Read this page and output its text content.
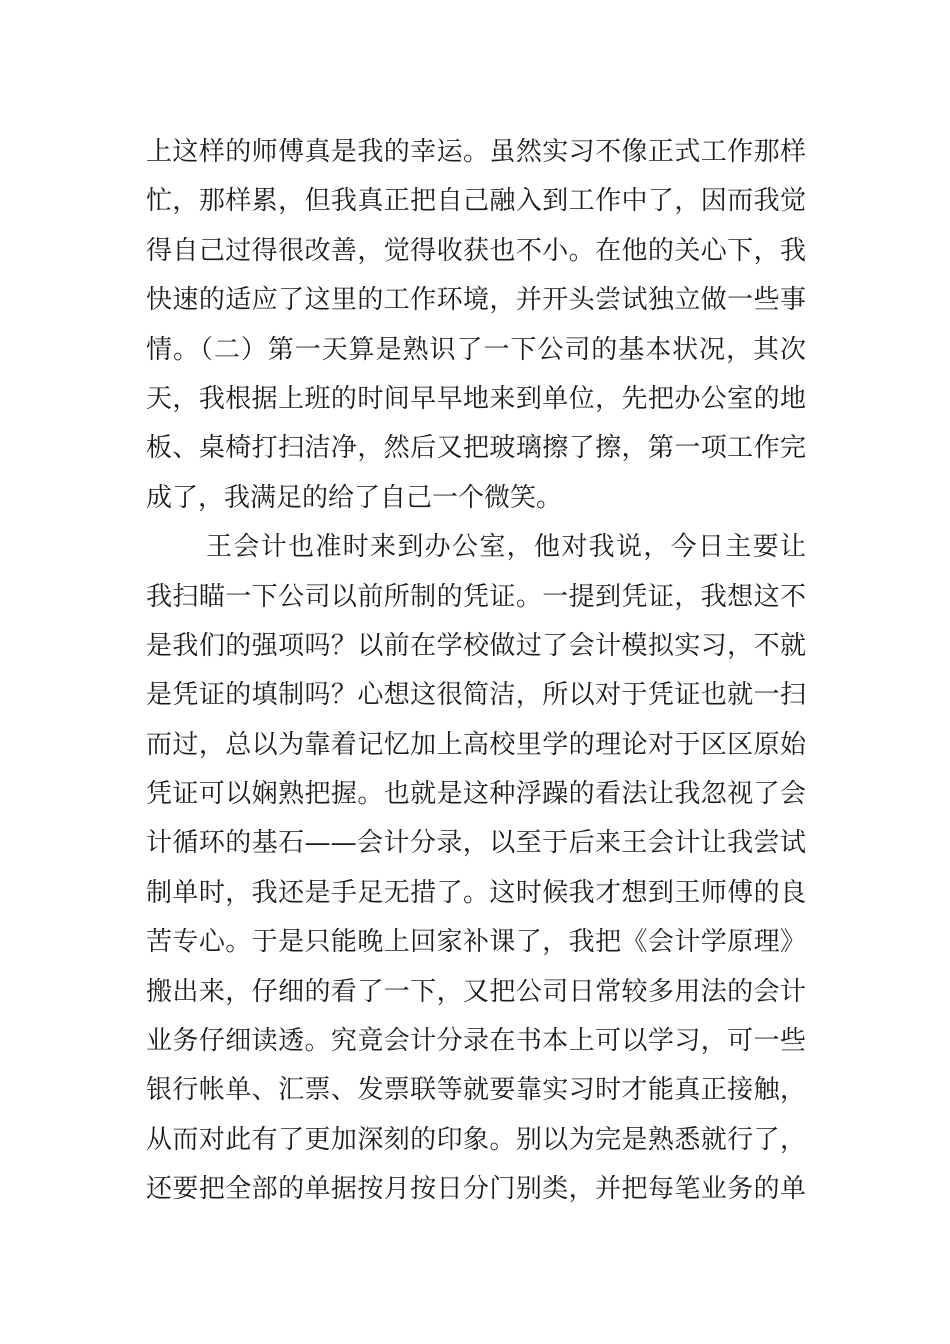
上这样的师傅真是我的幸运。虽然实习不像正式工作那样
忙，那样累，但我真正把自己融入到工作中了，因而我觉
得自己过得很改善，觉得收获也不小。在他的关心下，我
快速的适应了这里的工作环境，并开头尝试独立做一些事
情。（二）第一天算是熟识了一下公司的基本状况，其次
天，我根据上班的时间早早地来到单位，先把办公室的地
板、桌椅打扫洁净，然后又把玻璃擦了擦，第一项工作完
成了，我满足的给了自己一个微笑。
王会计也准时来到办公室，他对我说，今日主要让
我扫瞄一下公司以前所制的凭证。一提到凭证，我想这不
是我们的强项吗？以前在学校做过了会计模拟实习，不就
是凭证的填制吗？心想这很简洁，所以对于凭证也就一扫
而过，总以为靠着记忆加上高校里学的理论对于区区原始
凭证可以娴熟把握。也就是这种浮躁的看法让我忽视了会
计循环的基石——会计分录，以至于后来王会计让我尝试
制单时，我还是手足无措了。这时候我才想到王师傅的良
苦专心。于是只能晚上回家补课了，我把《会计学原理》
搬出来，仔细的看了一下，又把公司日常较多用法的会计
业务仔细读透。究竟会计分录在书本上可以学习，可一些
银行帐单、汇票、发票联等就要靠实习时才能真正接触，
从而对此有了更加深刻的印象。别以为完是熟悉就行了，
还要把全部的单据按月按日分门别类，并把每笔业务的单
